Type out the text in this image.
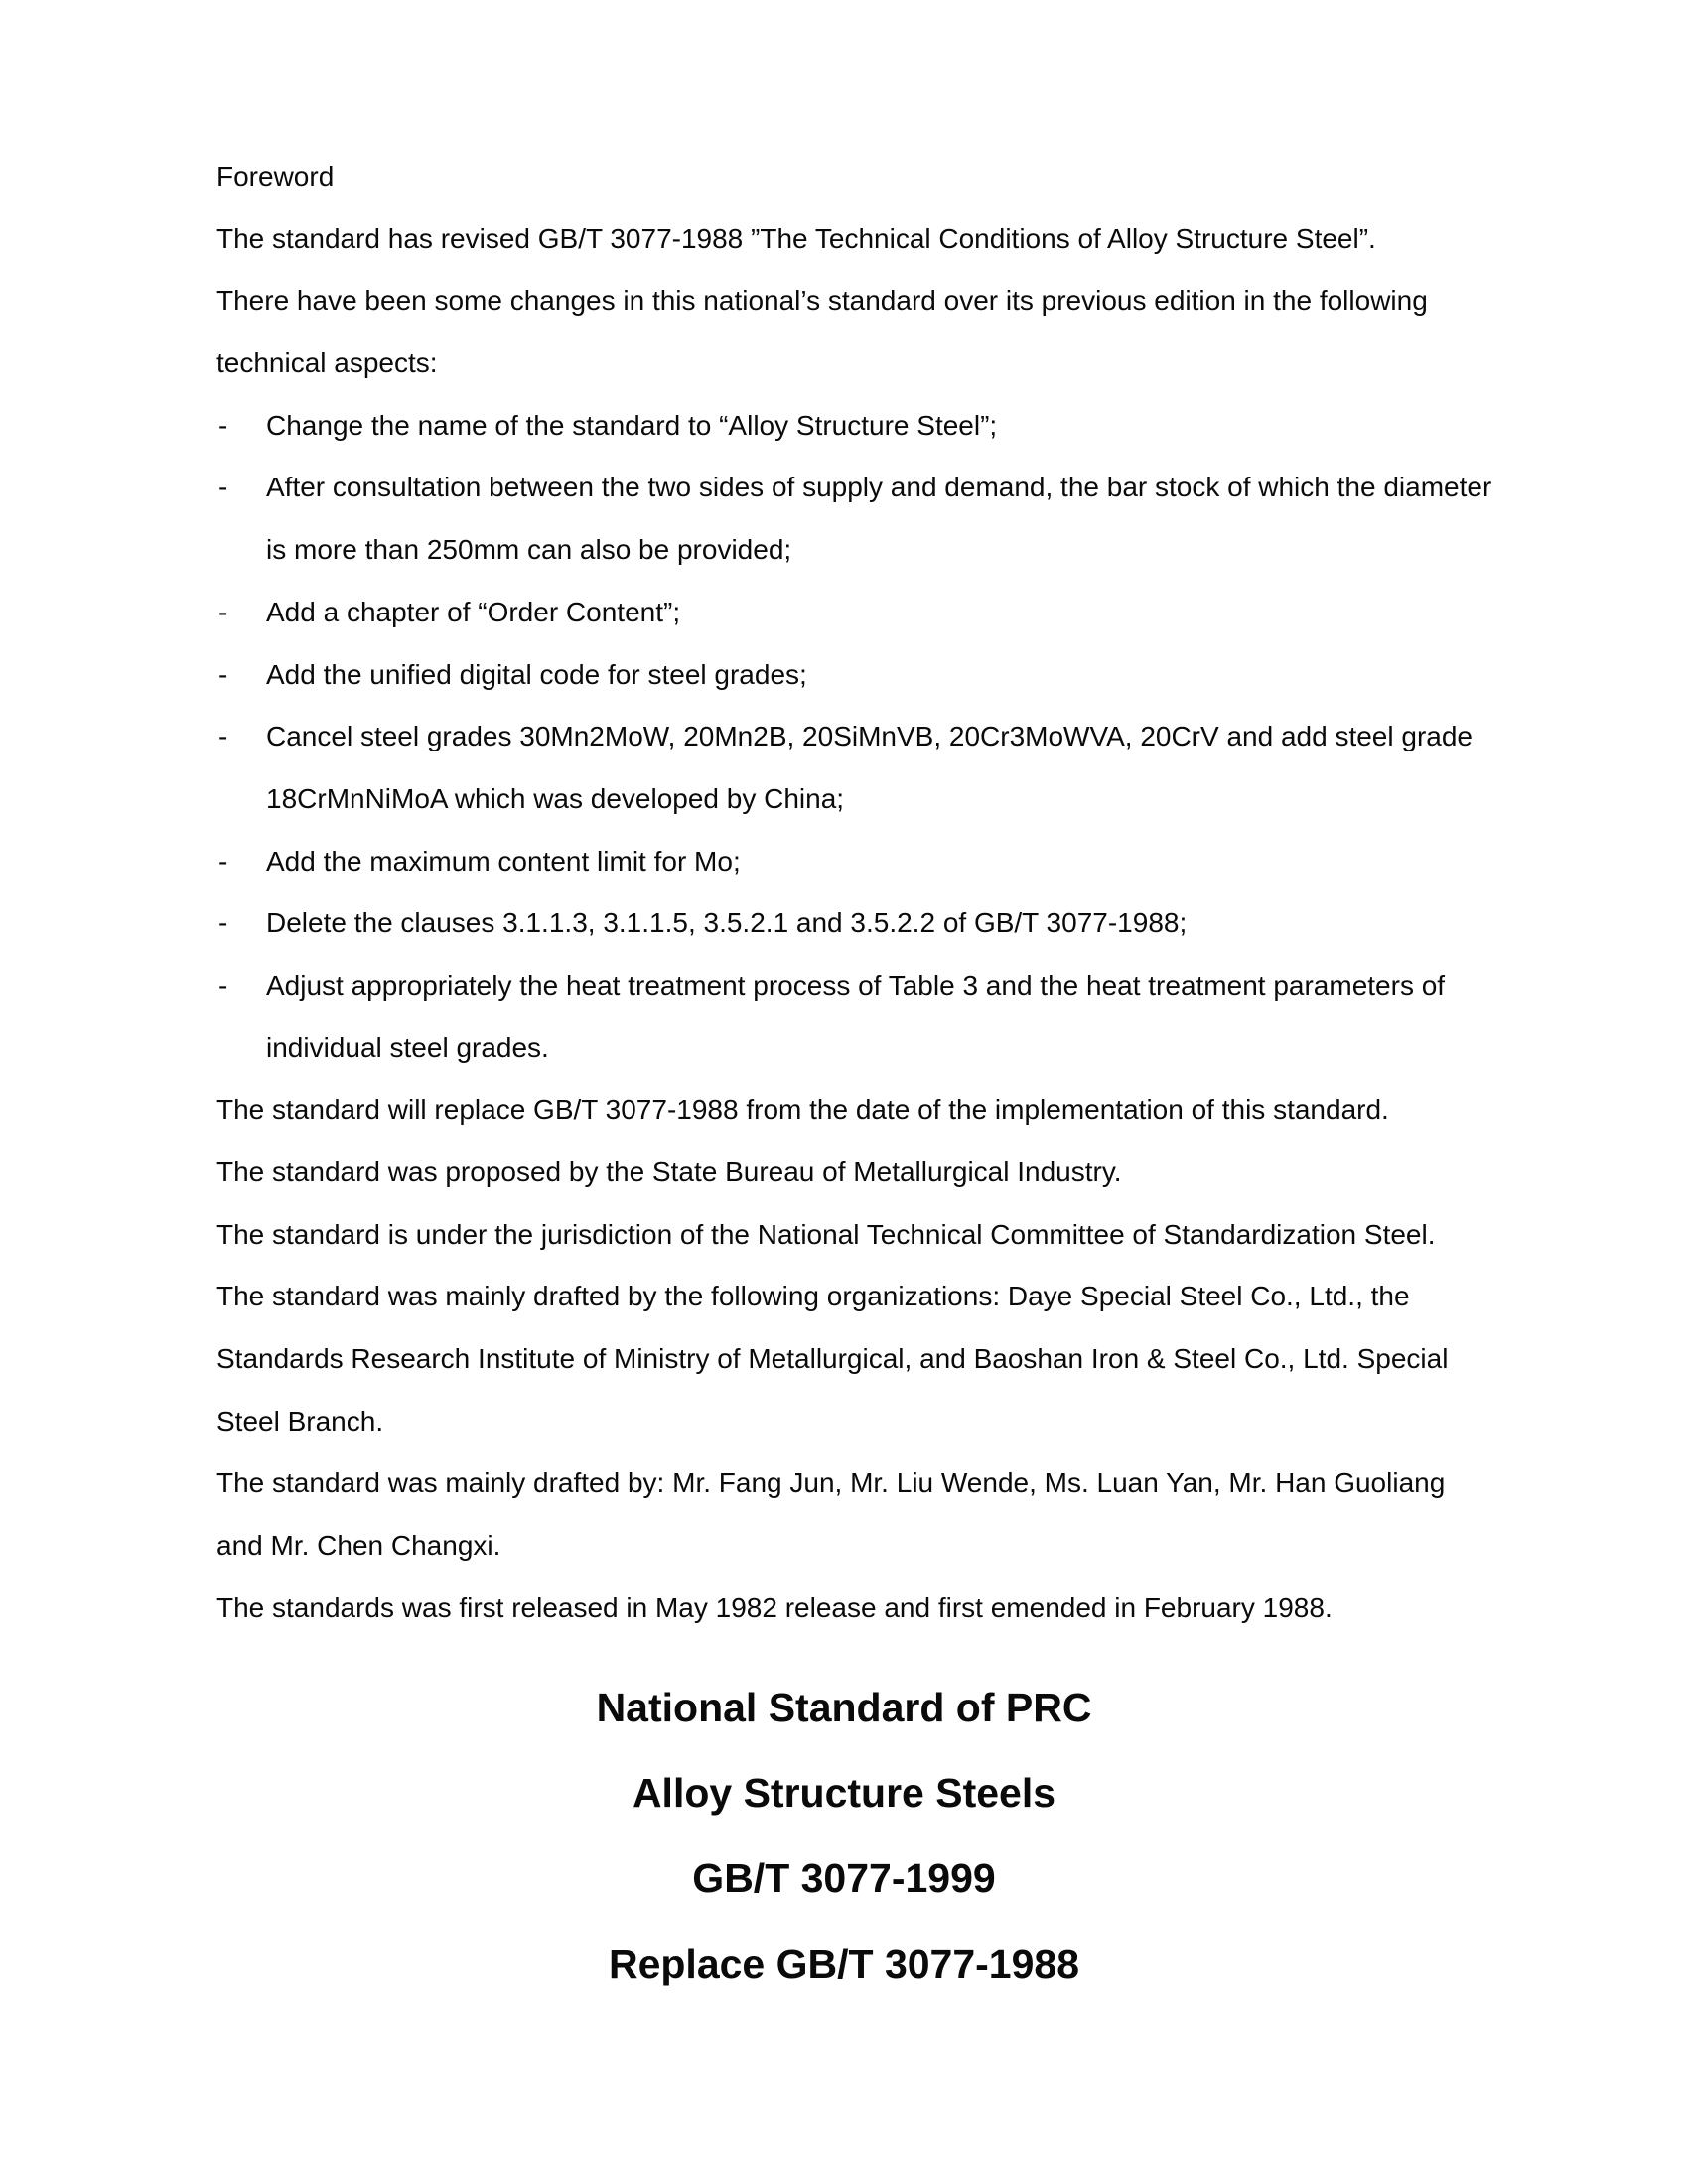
Foreword
The standard has revised GB/T 3077-1988 ”The Technical Conditions of Alloy Structure Steel”.
There have been some changes in this national’s standard over its previous edition in the following
technical aspects:
- Change the name of the standard to “Alloy Structure Steel”;
- After consultation between the two sides of supply and demand, the bar stock of which the diameter
is more than 250mm can also be provided;
- Add a chapter of “Order Content”;
- Add the unified digital code for steel grades;
- Cancel steel grades 30Mn2MoW, 20Mn2B, 20SiMnVB, 20Cr3MoWVA, 20CrV and add steel grade
18CrMnNiMoA which was developed by China;
- Add the maximum content limit for Mo;
- Delete the clauses 3.1.1.3, 3.1.1.5, 3.5.2.1 and 3.5.2.2 of GB/T 3077-1988;
- Adjust appropriately the heat treatment process of Table 3 and the heat treatment parameters of
individual steel grades.
The standard will replace GB/T 3077-1988 from the date of the implementation of this standard.
The standard was proposed by the State Bureau of Metallurgical Industry.
The standard is under the jurisdiction of the National Technical Committee of Standardization Steel.
The standard was mainly drafted by the following organizations: Daye Special Steel Co., Ltd., the
Standards Research Institute of Ministry of Metallurgical, and Baoshan Iron & Steel Co., Ltd. Special
Steel Branch.
The standard was mainly drafted by: Mr. Fang Jun, Mr. Liu Wende, Ms. Luan Yan, Mr. Han Guoliang
and Mr. Chen Changxi.
The standards was first released in May 1982 release and first emended in February 1988.
National Standard of PRC
Alloy Structure Steels
GB/T 3077-1999
Replace GB/T 3077-1988
